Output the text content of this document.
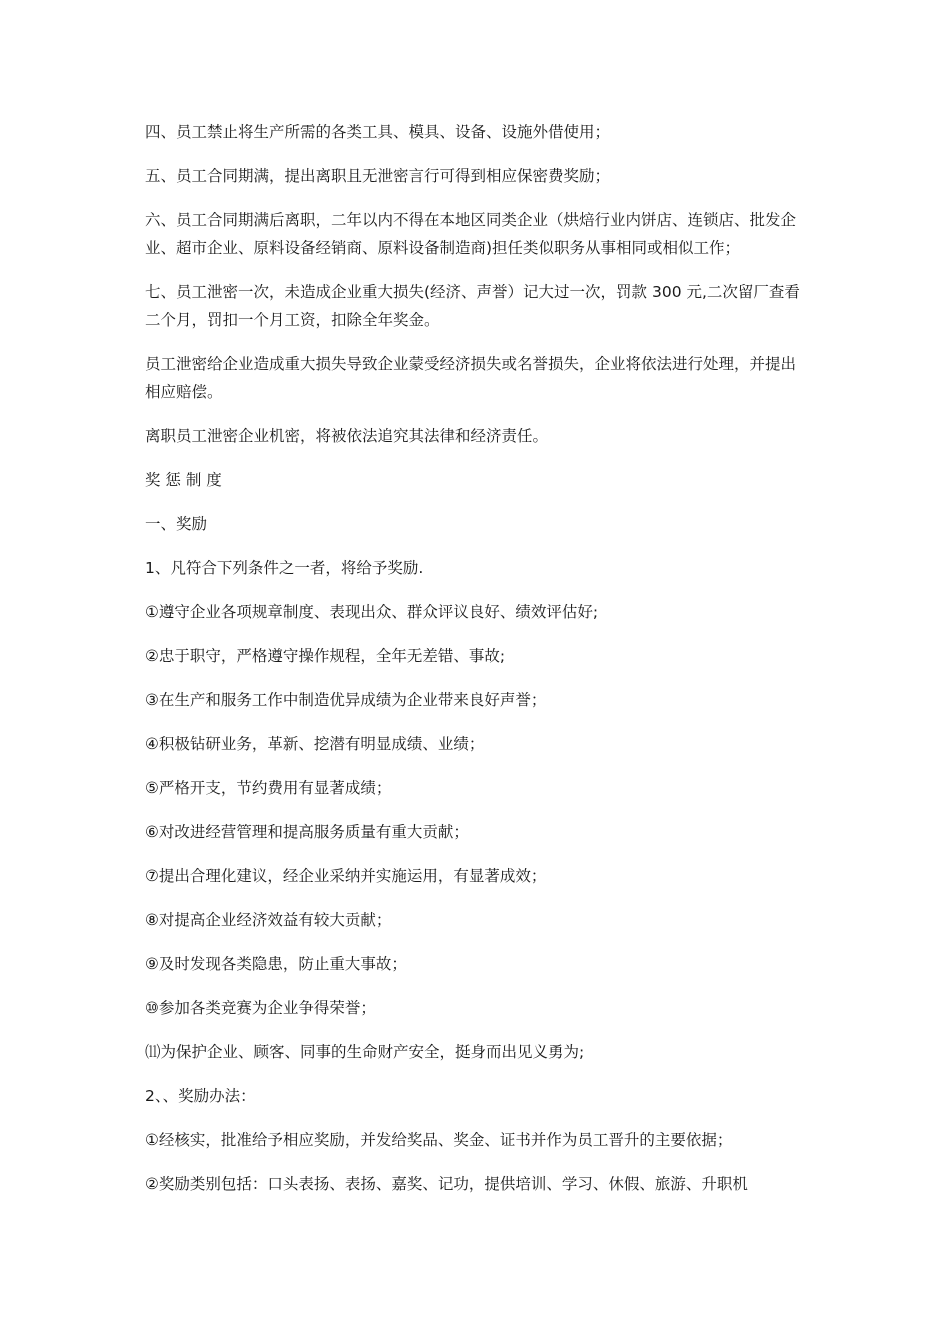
四、员工禁止将生产所需的各类工具、模具、设备、设施外借使用；

五、员工合同期满，提出离职且无泄密言行可得到相应保密费奖励；

六、员工合同期满后离职，二年以内不得在本地区同类企业（烘焙行业内饼店、连锁店、批发企业、超市企业、原料设备经销商、原料设备制造商)担任类似职务从事相同或相似工作；

七、员工泄密一次，未造成企业重大损失(经济、声誉）记大过一次，罚款 300 元,二次留厂查看二个月，罚扣一个月工资，扣除全年奖金。

员工泄密给企业造成重大损失导致企业蒙受经济损失或名誉损失，企业将依法进行处理，并提出相应赔偿。

离职员工泄密企业机密，将被依法追究其法律和经济责任。

奖 惩 制 度

一、奖励

1、凡符合下列条件之一者，将给予奖励.

①遵守企业各项规章制度、表现出众、群众评议良好、绩效评估好;

②忠于职守，严格遵守操作规程，全年无差错、事故;

③在生产和服务工作中制造优异成绩为企业带来良好声誉；

④积极钻研业务，革新、挖潜有明显成绩、业绩；

⑤严格开支，节约费用有显著成绩；

⑥对改进经营管理和提高服务质量有重大贡献；

⑦提出合理化建议，经企业采纳并实施运用，有显著成效；

⑧对提高企业经济效益有较大贡献；

⑨及时发现各类隐患，防止重大事故；

⑩参加各类竞赛为企业争得荣誉；

⑾为保护企业、顾客、同事的生命财产安全，挺身而出见义勇为;

2、、奖励办法：

①经核实，批准给予相应奖励，并发给奖品、奖金、证书并作为员工晋升的主要依据；

②奖励类别包括：口头表扬、表扬、嘉奖、记功，提供培训、学习、休假、旅游、升职机
